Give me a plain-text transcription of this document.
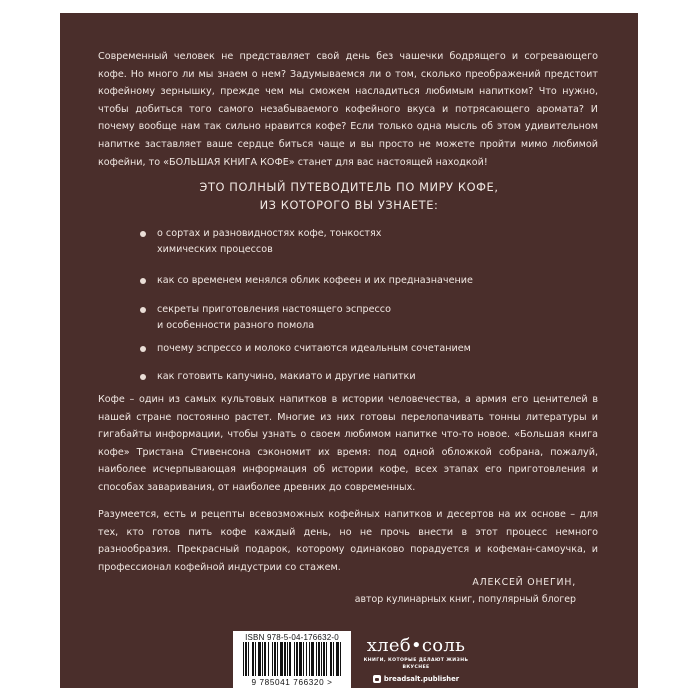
Современный человек не представляет свой день без чашечки бодрящего и согревающего кофе. Но много ли мы знаем о нем? Задумываемся ли о том, сколько преображений предстоит кофейному зернышку, прежде чем мы сможем насладиться любимым напитком? Что нужно, чтобы добиться того самого незабываемого кофейного вкуса и потрясающего аромата? И почему вообще нам так сильно нравится кофе? Если только одна мысль об этом удивительном напитке заставляет ваше сердце биться чаще и вы просто не можете пройти мимо любимой кофейни, то «БОЛЬШАЯ КНИГА КОФЕ» станет для вас настоящей находкой!

ЭТО ПОЛНЫЙ ПУТЕВОДИТЕЛЬ ПО МИРУ КОФЕ,
ИЗ КОТОРОГО ВЫ УЗНАЕТЕ:
о сортах и разновидностях кофе, тонкостях
химических процессов
как со временем менялся облик кофеен и их предназначение
секреты приготовления настоящего эспрессо
и особенности разного помола
почему эспрессо и молоко считаются идеальным сочетанием
как готовить капучино, макиато и другие напитки

Кофе – один из самых культовых напитков в истории человечества, а армия его ценителей в нашей стране постоянно растет. Многие из них готовы перелопачивать тонны литературы и гигабайты информации, чтобы узнать о своем любимом напитке что-то новое. «Большая книга кофе» Тристана Стивенсона сэкономит их время: под одной обложкой собрана, пожалуй, наиболее исчерпывающая информация об истории кофе, всех этапах его приготовления и способах заваривания, от наиболее древних до современных.

Разумеется, есть и рецепты всевозможных кофейных напитков и десертов на их основе – для тех, кто готов пить кофе каждый день, но не прочь внести в этот процесс немного разнообразия. Прекрасный подарок, которому одинаково порадуется и кофеман-самоучка, и профессионал кофейной индустрии со стажем.

АЛЕКСЕЙ ОНЕГИН,
автор кулинарных книг, популярный блогер
ISBN 978-5-04-176632-0
9 785041 766320 >
хлеб•соль
КНИГИ, КОТОРЫЕ ДЕЛАЮТ ЖИЗНЬ ВКУСНЕЕ
breadsalt.publisher
